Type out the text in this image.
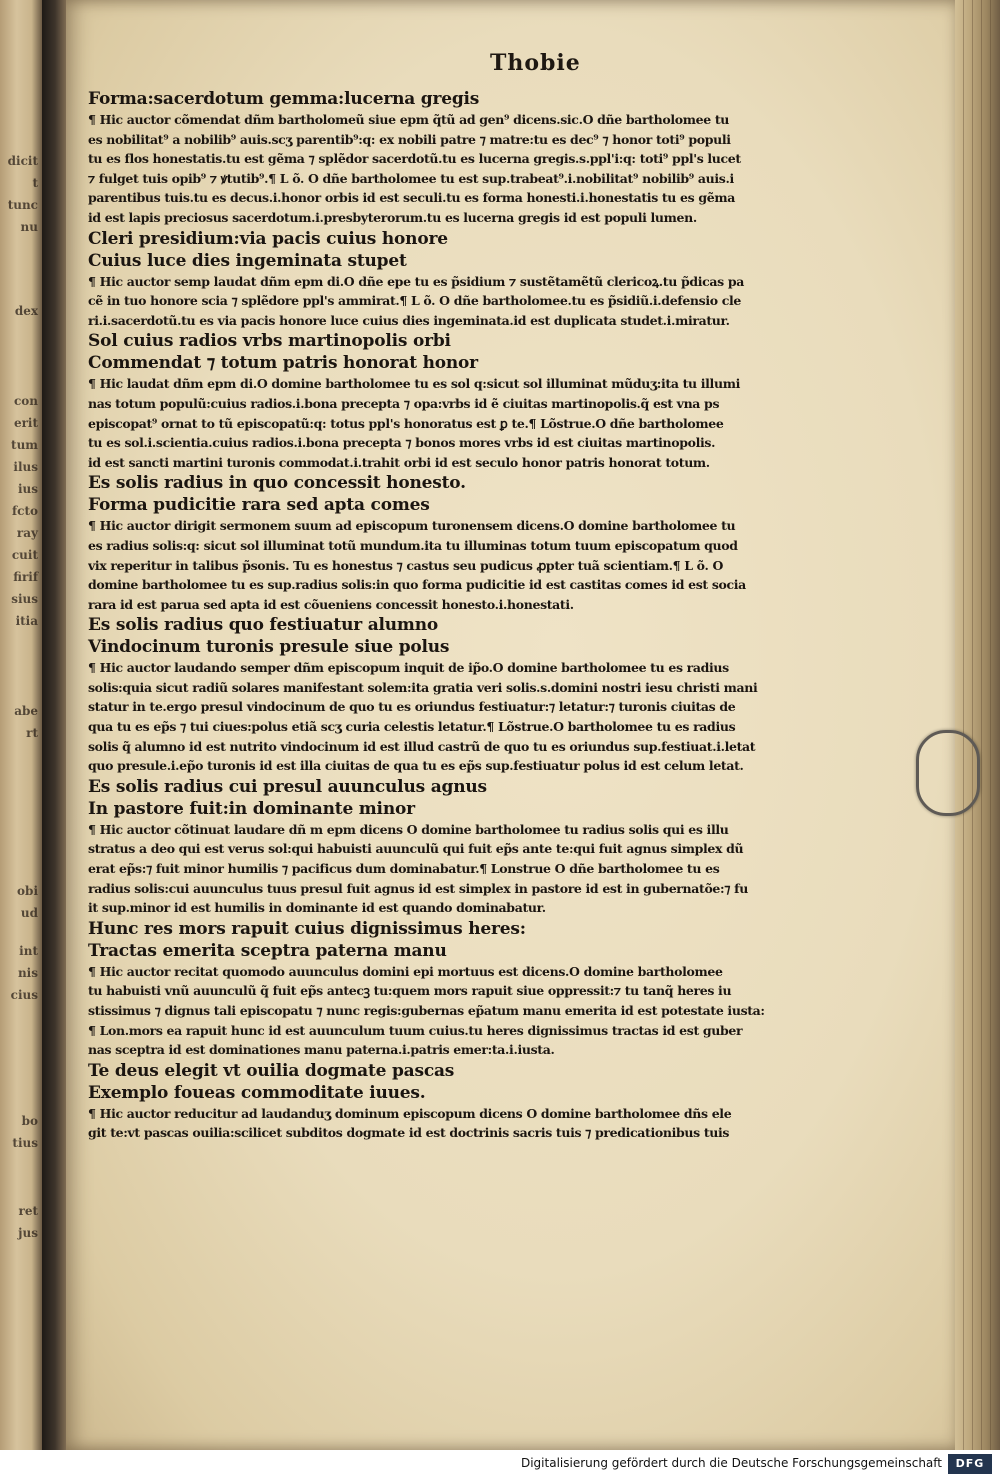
dicit
t
tunc
nu
dex
con
erit
tum
ilus
ius
fcto
ray
cuit
firif
sius
itia
abe
rt
obi
ud
int
nis
cius
bo
tius
ret
jus
Thobie
Forma:sacerdotum gemma:lucerna gregis
¶ Hic auctor cõmendat dñm bartholomeũ siue epm q̃tũ ad gen⁹ dicens.sic.O dñe bartholomee tu
es nobilitat⁹ a nobilib⁹ auis.scʒ parentib⁹:q: ex nobili patre ⁊ matre:tu es dec⁹ ⁊ honor toti⁹ populi
tu es flos honestatis.tu est gẽma ⁊ splẽdor sacerdotũ.tu es lucerna gregis.s.ppl'i:q: toti⁹ ppl's lucet
⁊ fulget tuis opib⁹ ⁊ ꝟtutib⁹.¶ L õ. O dñe bartholomee tu est sup.trabeat⁹.i.nobilitat⁹ nobilib⁹ auis.i
parentibus tuis.tu es decus.i.honor orbis id est seculi.tu es forma honesti.i.honestatis tu es gẽma
id est lapis preciosus sacerdotum.i.presbyterorum.tu es lucerna gregis id est populi lumen.
Cleri presidium:via pacis cuius honore
Cuius luce dies ingeminata stupet
¶ Hic auctor semp laudat dñm epm di.O dñe epe tu es p̃sidium ⁊ sustẽtamẽtũ clericoꝝ.tu p̃dicas pa
cẽ in tuo honore scia ⁊ splẽdore ppl's ammirat.¶ L õ. O dñe bartholomee.tu es p̃sidiũ.i.defensio cle
ri.i.sacerdotũ.tu es via pacis honore luce cuius dies ingeminata.id est duplicata studet.i.miratur.
Sol cuius radios vrbs martinopolis orbi
Commendat ⁊ totum patris honorat honor
¶ Hic laudat dñm epm di.O domine bartholomee tu es sol q:sicut sol illuminat mũduʒ:ita tu illumi
nas totum populũ:cuius radios.i.bona precepta ⁊ opa:vrbs id ẽ ciuitas martinopolis.q̃ est vna ps
episcopat⁹ ornat to tũ episcopatũ:q: totus ppl's honoratus est ꝑ te.¶ Lõstrue.O dñe bartholomee
tu es sol.i.scientia.cuius radios.i.bona precepta ⁊ bonos mores vrbs id est ciuitas martinopolis.
id est sancti martini turonis commodat.i.trahit orbi id est seculo honor patris honorat totum.
Es solis radius in quo concessit honesto.
Forma pudicitie rara sed apta comes
¶ Hic auctor dirigit sermonem suum ad episcopum turonensem dicens.O domine bartholomee tu
es radius solis:q: sicut sol illuminat totũ mundum.ita tu illuminas totum tuum episcopatum quod
vix reperitur in talibus p̃sonis. Tu es honestus ⁊ castus seu pudicus ꝓpter tuã scientiam.¶ L õ. O
domine bartholomee tu es sup.radius solis:in quo forma pudicitie id est castitas comes id est socia
rara id est parua sed apta id est cõueniens concessit honesto.i.honestati.
Es solis radius quo festiuatur alumno
Vindocinum turonis presule siue polus
¶ Hic auctor laudando semper dñm episcopum inquit de ip̃o.O domine bartholomee tu es radius
solis:quia sicut radiũ solares manifestant solem:ita gratia veri solis.s.domini nostri iesu christi mani
statur in te.ergo presul vindocinum de quo tu es oriundus festiuatur:⁊ letatur:⁊ turonis ciuitas de
qua tu es ep̃s ⁊ tui ciues:polus etiã scʒ curia celestis letatur.¶ Lõstrue.O bartholomee tu es radius
solis q̃ alumno id est nutrito vindocinum id est illud castrũ de quo tu es oriundus sup.festiuat.i.letat
quo presule.i.ep̃o turonis id est illa ciuitas de qua tu es ep̃s sup.festiuatur polus id est celum letat.
Es solis radius cui presul auunculus agnus
In pastore fuit:in dominante minor
¶ Hic auctor cõtinuat laudare dñ m epm dicens O domine bartholomee tu radius solis qui es illu
stratus a deo qui est verus sol:qui habuisti auunculũ qui fuit ep̃s ante te:qui fuit agnus simplex dũ
erat ep̃s:⁊ fuit minor humilis ⁊ pacificus dum dominabatur.¶ Lonstrue O dñe bartholomee tu es
radius solis:cui auunculus tuus presul fuit agnus id est simplex in pastore id est in gubernatõe:⁊ fu
it sup.minor id est humilis in dominante id est quando dominabatur.
Hunc res mors rapuit cuius dignissimus heres:
Tractas emerita sceptra paterna manu
¶ Hic auctor recitat quomodo auunculus domini epi mortuus est dicens.O domine bartholomee
tu habuisti vnũ auunculũ q̃ fuit ep̃s antecꝫ tu:quem mors rapuit siue oppressit:⁊ tu tanq̃ heres iu
stissimus ⁊ dignus tali episcopatu ⁊ nunc regis:gubernas ep̃atum manu emerita id est potestate iusta:
¶ Lon.mors ea rapuit hunc id est auunculum tuum cuius.tu heres dignissimus tractas id est guber
nas sceptra id est dominationes manu paterna.i.patris emer:ta.i.iusta.
Te deus elegit vt ouilia dogmate pascas
Exemplo foueas commoditate iuues.
¶ Hic auctor reducitur ad laudanduʒ dominum episcopum dicens O domine bartholomee dñs ele
git te:vt pascas ouilia:scilicet subditos dogmate id est doctrinis sacris tuis ⁊ predicationibus tuis
Digitalisierung gefördert durch die Deutsche Forschungsgemeinschaft	DFG
